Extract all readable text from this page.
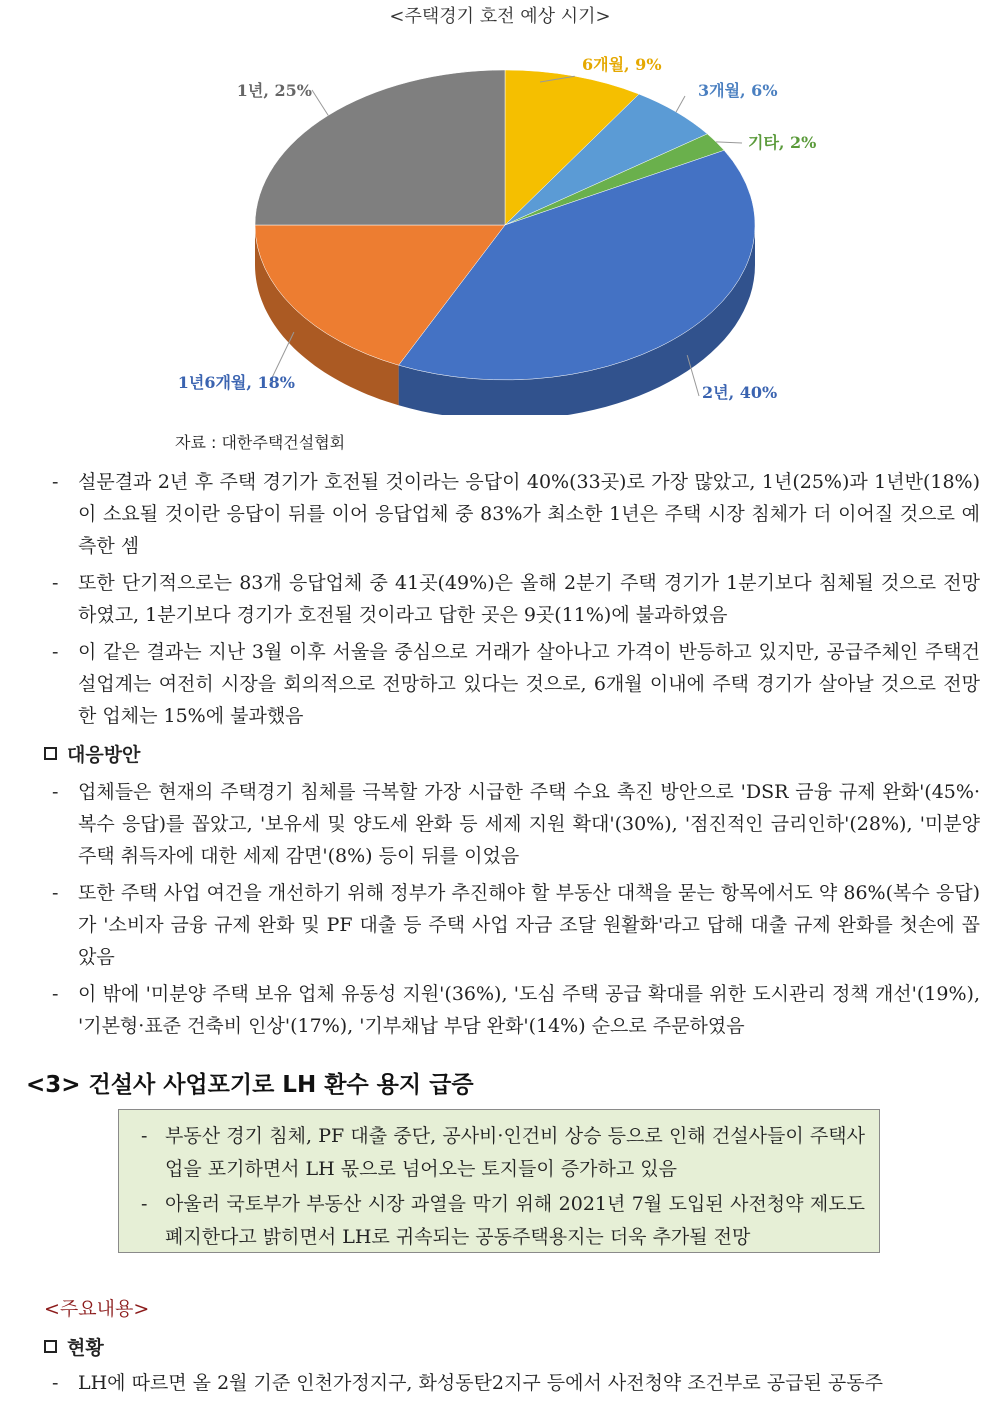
<주택경기 호전 예상 시기>
6개월, 9%
3개월, 6%
기타, 2%
2년, 40%
1년6개월, 18%
1년, 25%
자료 : 대한주택건설협회

- 설문결과 2년 후 주택 경기가 호전될 것이라는 응답이 40%(33곳)로 가장 많았고, 1년(25%)과 1년반(18%)이 소요될 것이란 응답이 뒤를 이어 응답업체 중 83%가 최소한 1년은 주택 시장 침체가 더 이어질 것으로 예측한 셈

- 또한 단기적으로는 83개 응답업체 중 41곳(49%)은 올해 2분기 주택 경기가 1분기보다 침체될 것으로 전망하였고, 1분기보다 경기가 호전될 것이라고 답한 곳은 9곳(11%)에 불과하였음

- 이 같은 결과는 지난 3월 이후 서울을 중심으로 거래가 살아나고 가격이 반등하고 있지만, 공급주체인 주택건설업계는 여전히 시장을 회의적으로 전망하고 있다는 것으로, 6개월 이내에 주택 경기가 살아날 것으로 전망한 업체는 15%에 불과했음

대응방안

- 업체들은 현재의 주택경기 침체를 극복할 가장 시급한 주택 수요 촉진 방안으로 'DSR 금융 규제 완화'(45%·복수 응답)를 꼽았고, '보유세 및 양도세 완화 등 세제 지원 확대'(30%), '점진적인 금리인하'(28%), '미분양 주택 취득자에 대한 세제 감면'(8%) 등이 뒤를 이었음

- 또한 주택 사업 여건을 개선하기 위해 정부가 추진해야 할 부동산 대책을 묻는 항목에서도 약 86%(복수 응답)가 '소비자 금융 규제 완화 및 PF 대출 등 주택 사업 자금 조달 원활화'라고 답해 대출 규제 완화를 첫손에 꼽았음

- 이 밖에 '미분양 주택 보유 업체 유동성 지원'(36%), '도심 주택 공급 확대를 위한 도시관리 정책 개선'(19%), '기본형·표준 건축비 인상'(17%), '기부채납 부담 완화'(14%) 순으로 주문하였음

<3> 건설사 사업포기로 LH 환수 용지 급증

- 부동산 경기 침체, PF 대출 중단, 공사비·인건비 상승 등으로 인해 건설사들이 주택사업을 포기하면서 LH 몫으로 넘어오는 토지들이 증가하고 있음

- 아울러 국토부가 부동산 시장 과열을 막기 위해 2021년 7월 도입된 사전청약 제도도 폐지한다고 밝히면서 LH로 귀속되는 공동주택용지는 더욱 추가될 전망

<주요내용>
현황

- LH에 따르면 올 2월 기준 인천가정지구, 화성동탄2지구 등에서 사전청약 조건부로 공급된 공동주
